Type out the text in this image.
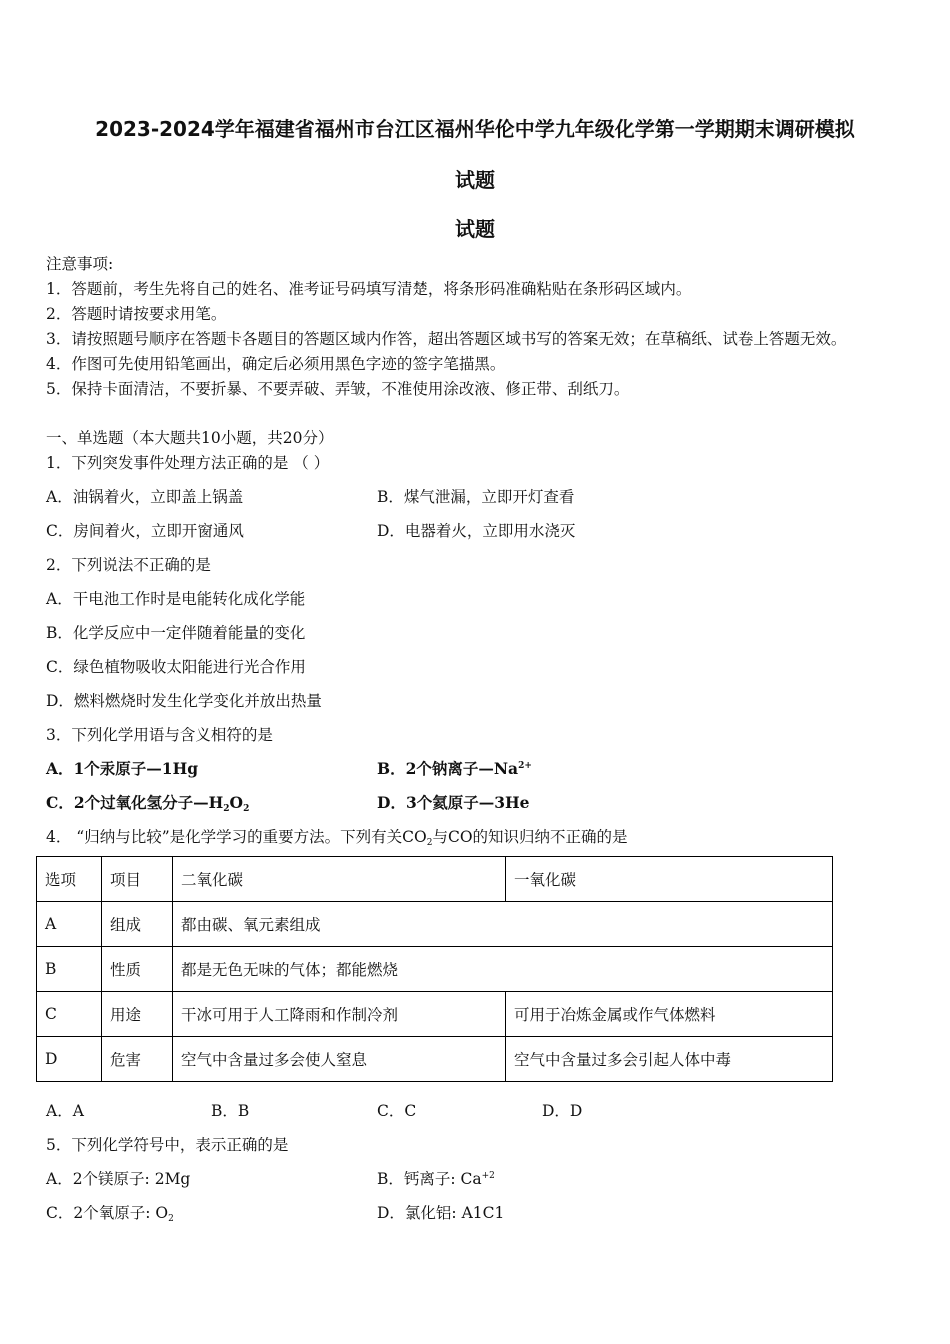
2023-2024学年福建省福州市台江区福州华伦中学九年级化学第一学期期末调研模拟
试题
试题
注意事项:
1．答题前，考生先将自己的姓名、准考证号码填写清楚，将条形码准确粘贴在条形码区域内。
2．答题时请按要求用笔。
3．请按照题号顺序在答题卡各题目的答题区域内作答，超出答题区域书写的答案无效；在草稿纸、试卷上答题无效。
4．作图可先使用铅笔画出，确定后必须用黑色字迹的签字笔描黑。
5．保持卡面清洁，不要折暴、不要弄破、弄皱，不准使用涂改液、修正带、刮纸刀。
一、单选题（本大题共10小题，共20分）
1．下列突发事件处理方法正确的是 （ ）
A．油锅着火，立即盖上锅盖	B．煤气泄漏，立即开灯查看
C．房间着火，立即开窗通风	D．电器着火，立即用水浇灭
2．下列说法不正确的是
A．干电池工作时是电能转化成化学能
B．化学反应中一定伴随着能量的变化
C．绿色植物吸收太阳能进行光合作用
D．燃料燃烧时发生化学变化并放出热量
3．下列化学用语与含义相符的是
A．1个汞原子—1Hg	B．2个钠离子$—Na^{2+}$
C．2个过氧化氢分子$—H_2O_2$	D．3个氦原子—3He
4． “归纳与比较”是化学学习的重要方法。下列有关$CO_2$与CO的知识归纳不正确的是
选项	项目	二氧化碳	一氧化碳
A	组成	都由碳、氧元素组成	
B	性质	都是无色无味的气体；都能燃烧	
C	用途	干冰可用于人工降雨和作制冷剂	可用于冶炼金属或作气体燃料
D	危害	空气中含量过多会使人窒息	空气中含量过多会引起人体中毒
A．A	B．B	C．C	D．D
5．下列化学符号中，表示正确的是
A．2个镁原子: 2Mg	B．钙离子: $Ca^{+2}$
C．2个氧原子: $O_2$	D．氯化铝: A1C1
